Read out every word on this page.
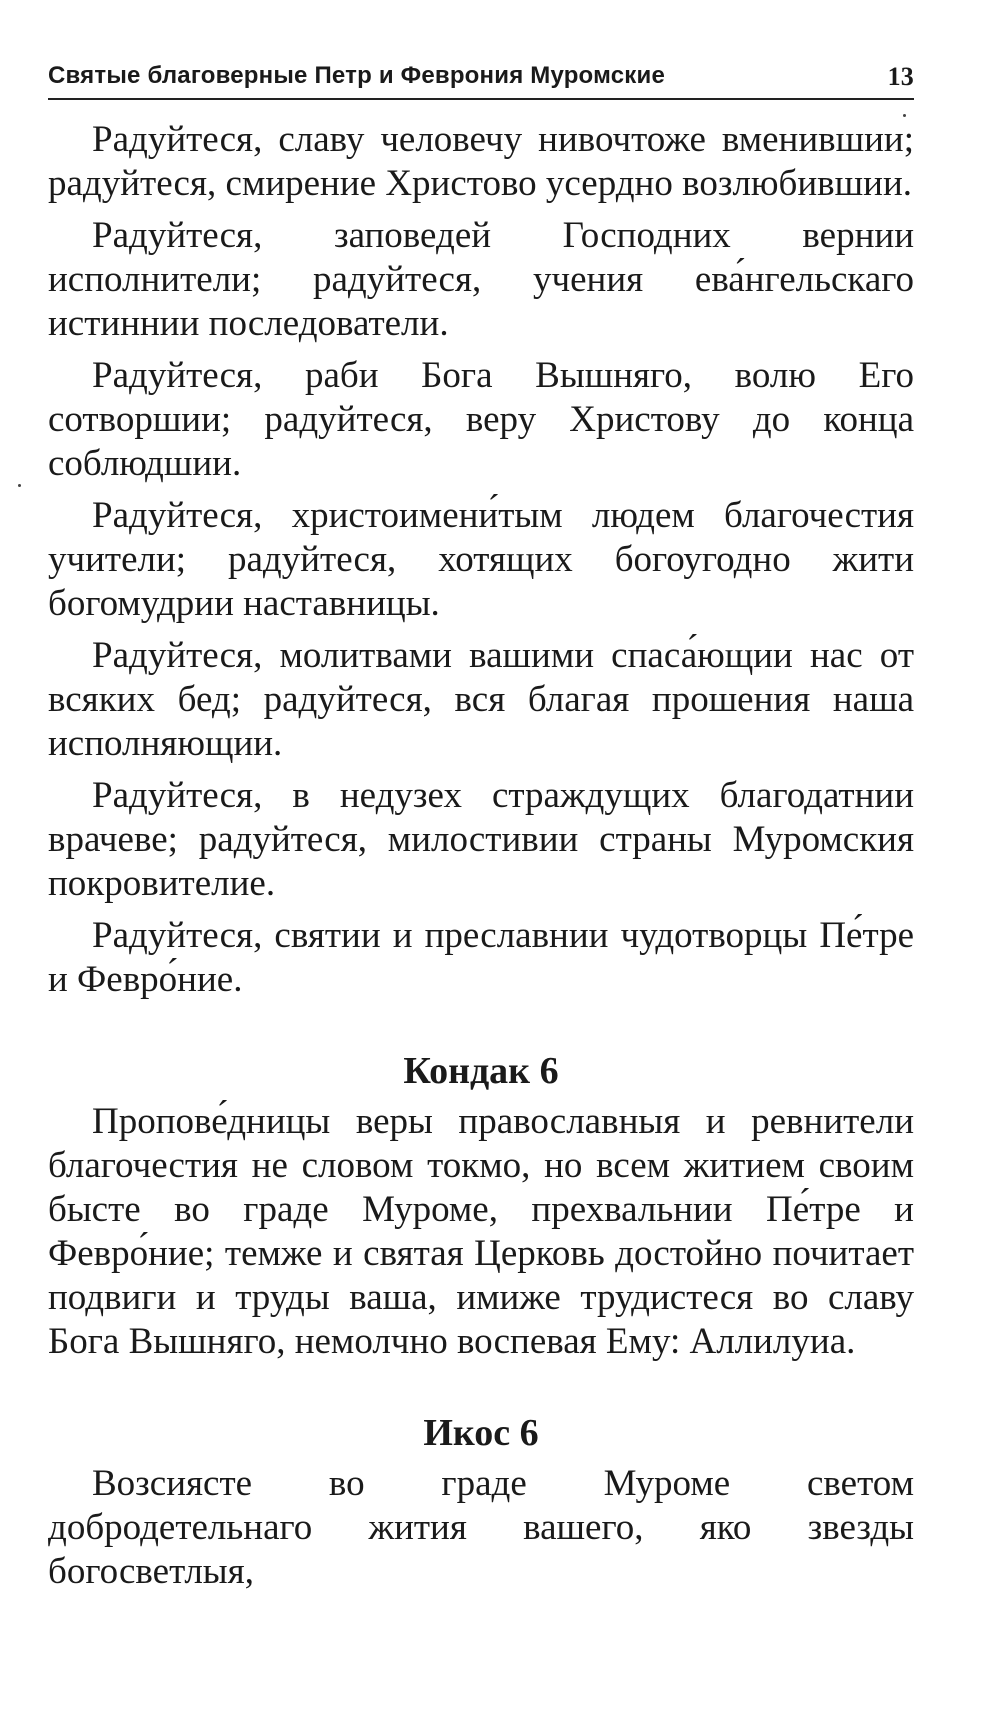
Святые благоверные Петр и Феврония Муромские	13

Радуйтеся, славу человечу нивочтоже вменившии; радуйтеся, смирение Христово усердно возлюбившии.

Радуйтеся, заповедей Господних вернии исполнители; радуйтеся, учения ева́нгельскаго истиннии последователи.

Радуйтеся, раби Бога Вышняго, волю Его сотворшии; радуйтеся, веру Христову до конца соблюдшии.

Радуйтеся, христоимени́тым людем благочестия учители; радуйтеся, хотящих богоугодно жити богомудрии наставницы.

Радуйтеся, молитвами вашими спаса́ющии нас от всяких бед; радуйтеся, вся благая прошения наша исполняющии.

Радуйтеся, в недузех страждущих благодатнии врачеве; радуйтеся, милостивии страны Муромския покровителие.

Радуйтеся, святии и преславнии чудотворцы Пе́тре и Февро́ние.

Кондак 6

Пропове́дницы веры православныя и ревнители благочестия не словом токмо, но всем житием своим бысте во граде Муроме, прехвальнии Пе́тре и Февро́ние; темже и святая Церковь достойно почитает подвиги и труды ваша, имиже трудистеся во славу Бога Вышняго, немолчно воспевая Ему: Аллилуиа.

Икос 6

Возсиясте во граде Муроме светом добродетельнаго жития вашего, яко звезды богосветлыя,
